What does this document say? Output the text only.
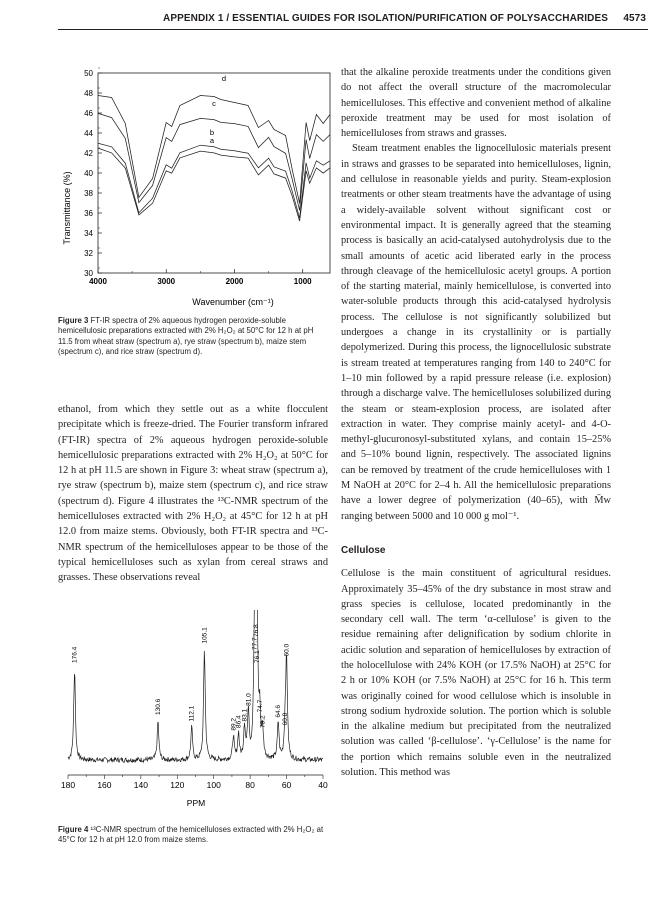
APPENDIX 1 / ESSENTIAL GUIDES FOR ISOLATION/PURIFICATION OF POLYSACCHARIDES 4573
30
32
34
36
38
40
42
44
46
48
50
4000	3000	2000	1000
a
b
c
d
Transmittance (%)
Wavenumber (cm⁻¹)
Figure 3 FT-IR spectra of 2% aqueous hydrogen peroxide-soluble hemicellulosic preparations extracted with 2% H₂O₂ at 50°C for 12 h at pH 11.5 from wheat straw (spectrum a), rye straw (spectrum b), maize stem (spectrum c), and rice straw (spectrum d).

ethanol, from which they settle out as a white flocculent precipitate which is freeze-dried. The Fourier transform infrared (FT-IR) spectra of 2% aqueous hydrogen peroxide-soluble hemicellulosic preparations extracted with 2% H₂O₂ at 50°C for 12 h at pH 11.5 are shown in Figure 3: wheat straw (spectrum a), rye straw (spectrum b), maize stem (spectrum c), and rice straw (spectrum d). Figure 4 illustrates the ¹³C-NMR spectrum of the hemicelluloses extracted with 2% H₂O₂ at 45°C for 12 h at pH 12.0 from maize stems. Obviously, both FT-IR spectra and ¹³C-NMR spectrum of the hemicelluloses appear to be those of the typical hemicelluloses such as xylan from cereal straws and grasses. These observations reveal

176.4
130.6	112.1
105.1
89.2
86.4
83.1
81.0
76.8
77.7
76.1
74.7
73.2
64.6
60.8
60.0
180	160	140	120	100	80	60	40
PPM
Figure 4 ¹³C-NMR spectrum of the hemicelluloses extracted with 2% H₂O₂ at 45°C for 12 h at pH 12.0 from maize stems.

that the alkaline peroxide treatments under the conditions given do not affect the overall structure of the macromolecular hemicelluloses. This effective and convenient method of alkaline peroxide treatment may be used for most isolation of hemicelluloses from straws and grasses.

Steam treatment enables the lignocellulosic materials present in straws and grasses to be separated into hemicelluloses, lignin, and cellulose in reasonable yields and purity. Steam-explosion treatments or other steam treatments have the advantage of using a widely-available solvent without significant cost or environmental impact. It is generally agreed that the steaming process is basically an acid-catalysed autohydrolysis due to the small amounts of acetic acid liberated early in the process through cleavage of the hemicellulosic acetyl groups. A portion of the starting material, mainly hemicellulose, is converted into water-soluble products through this acid-catalysed hydrolysis process. The cellulose is not significantly solubilized but undergoes a change in its crystallinity or is partially depolymerized. During this process, the lignocellulosic substrate is stream treated at temperatures ranging from 140 to 240°C for 1–10 min followed by a rapid pressure release (i.e. explosion) through a discharge valve. The hemicelluloses solubilized during the steam or steam-explosion process, are isolated after extraction in water. They comprise mainly acetyl- and 4-O-methyl-glucuronosyl-substituted xylans, and contain 15–25% and 5–10% bound lignin, respectively. The associated lignins can be removed by treatment of the crude hemicelluloses with 1 M NaOH at 20°C for 2–4 h. All the hemicellulosic preparations have a lower degree of polymerization (40–65), with M̄w ranging between 5000 and 10 000 g mol⁻¹.

Cellulose

Cellulose is the main constituent of agricultural residues. Approximately 35–45% of the dry substance in most straw and grass species is cellulose, located predominantly in the secondary cell wall. The term ‘α-cellulose’ is given to the residue remaining after delignification by sodium chlorite in acidic solution and separation of hemicelluloses by extraction of the holocellulose with 24% KOH (or 17.5% NaOH) at 25°C for 2 h or 10% KOH (or 7.5% NaOH) at 25°C for 16 h. This term was originally coined for wood cellulose which is insoluble in strong sodium hydroxide solution. The portion which is soluble in the alkaline medium but precipitated from the neutralized solution was called ‘β-cellulose’. ‘γ-Cellulose’ is the name for the portion which remains soluble even in the neutralized solution. This method was
